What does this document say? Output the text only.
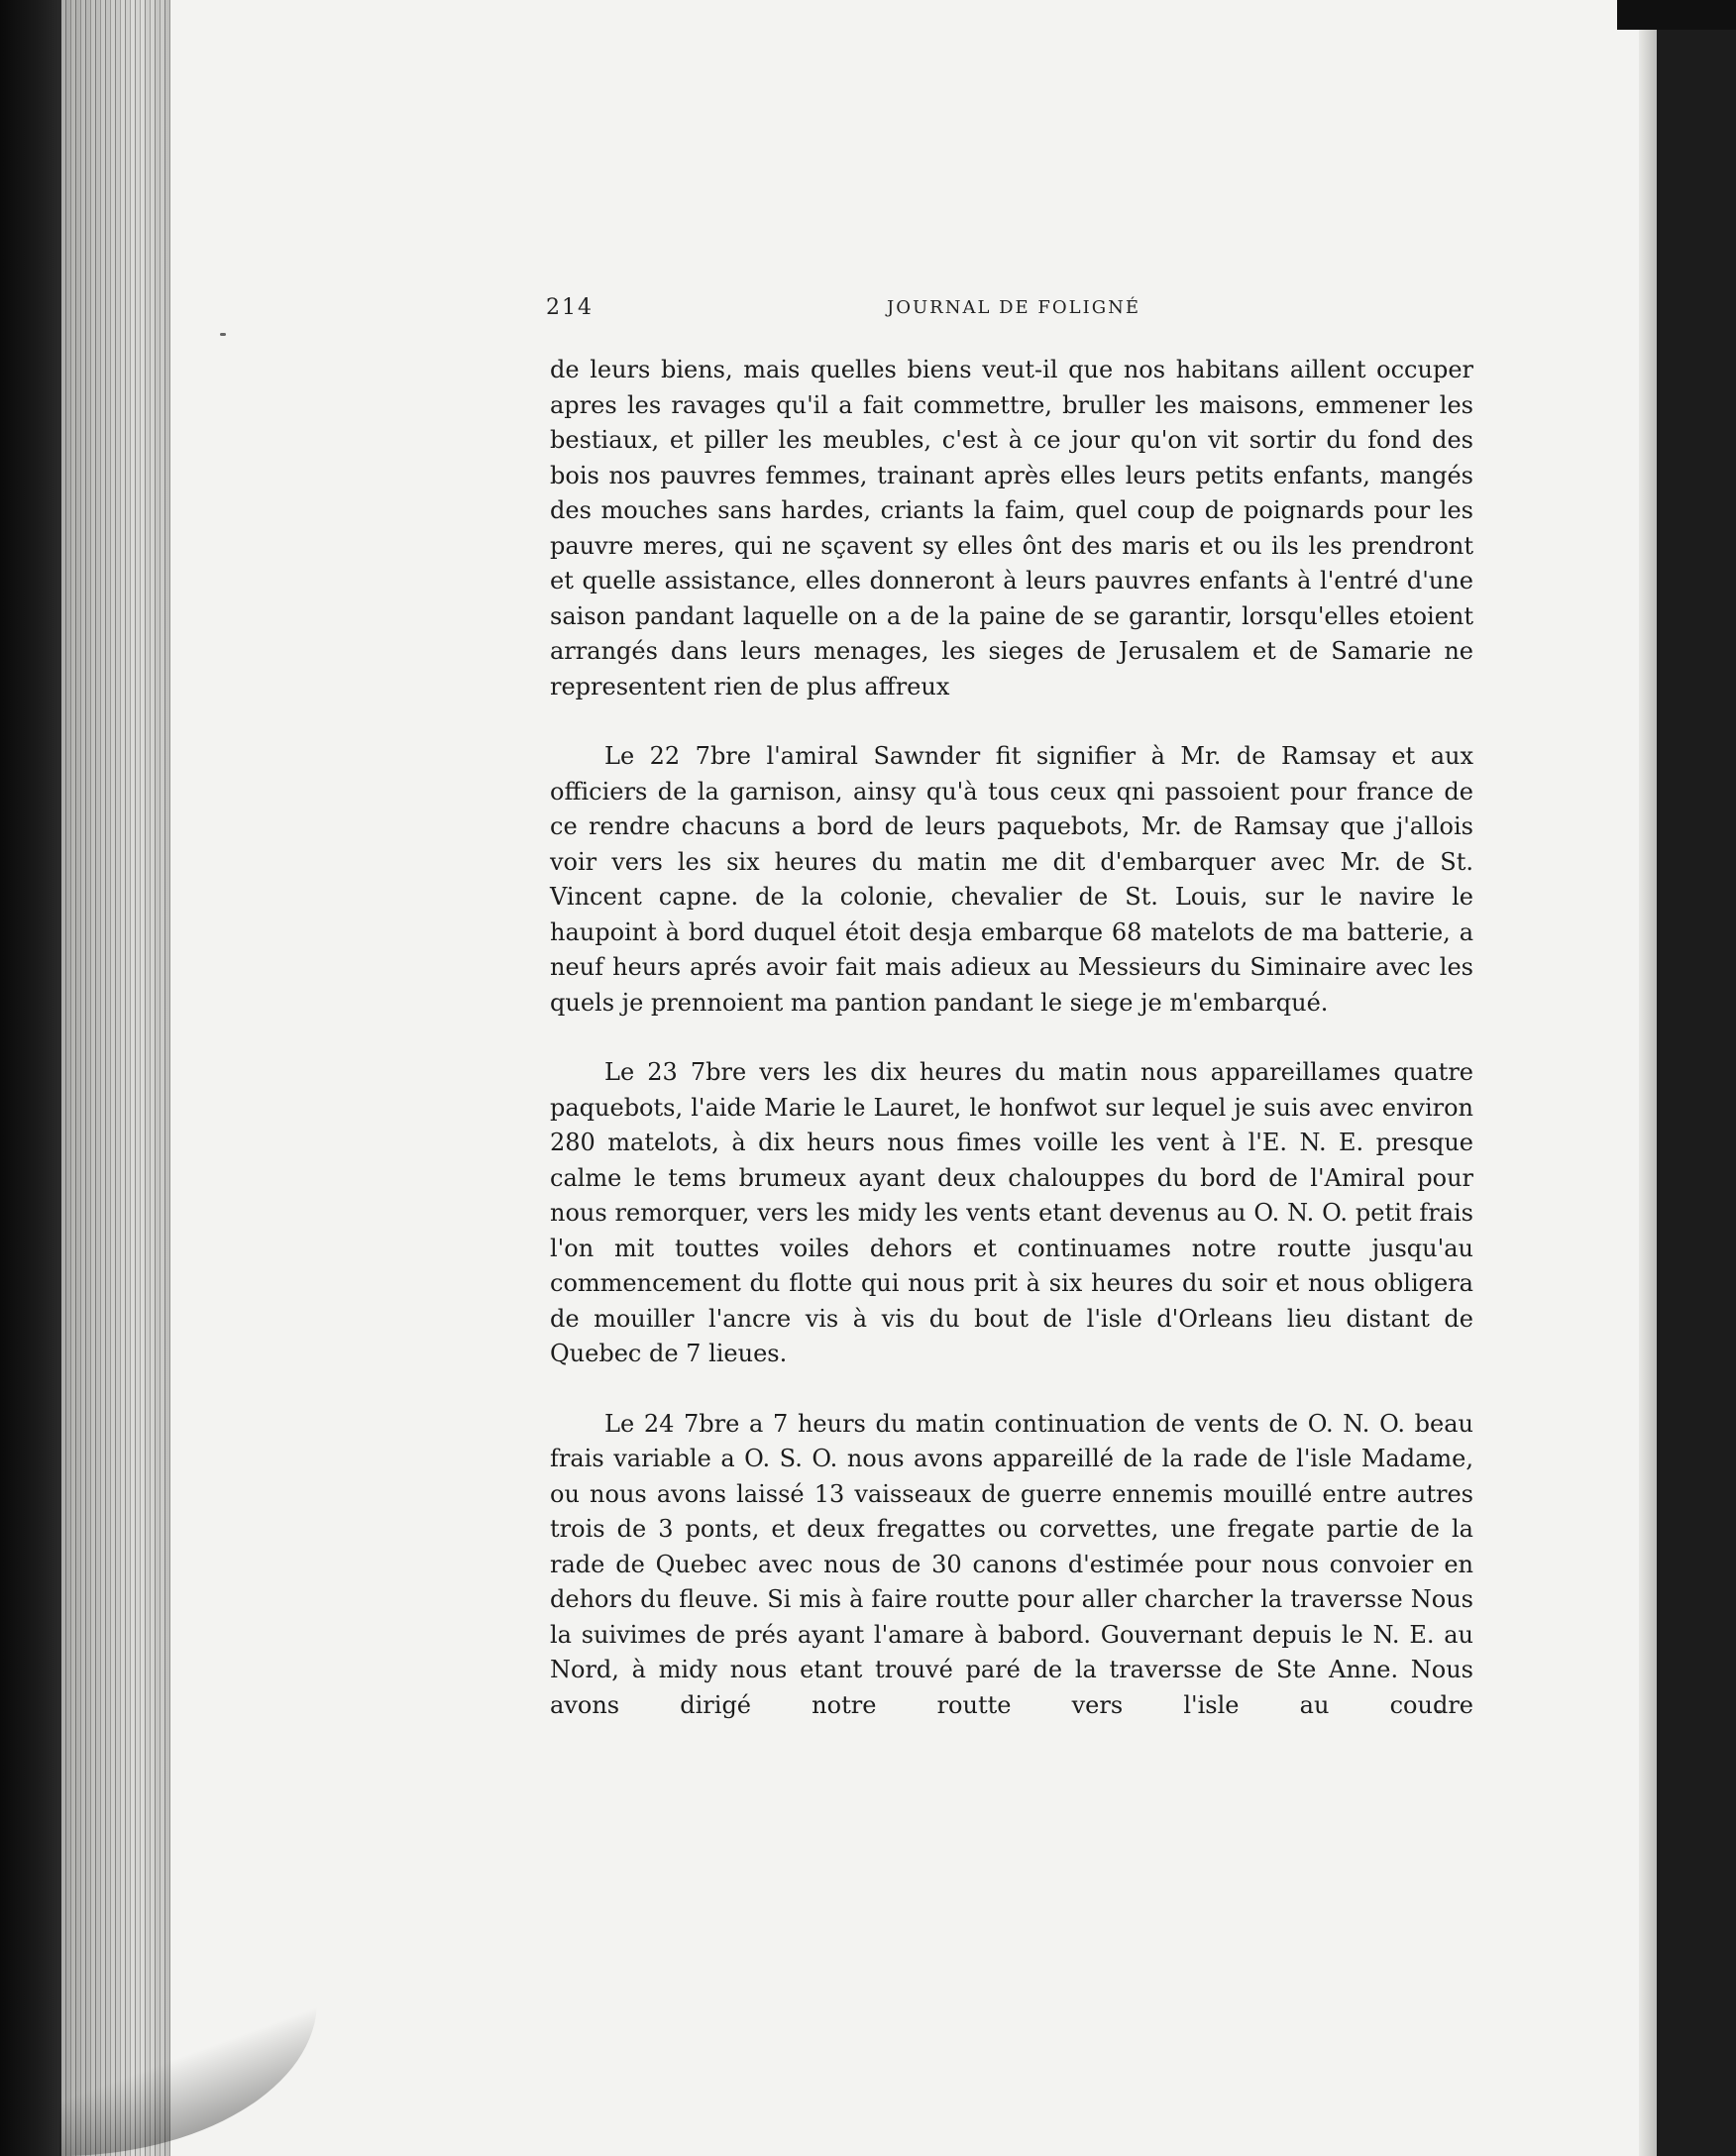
214	JOURNAL DE FOLIGNÉ

de leurs biens, mais quelles biens veut-il que nos habitans aillent occuper apres les ravages qu'il a fait commettre, bruller les maisons, emmener les bestiaux, et piller les meubles, c'est à ce jour qu'on vit sortir du fond des bois nos pauvres femmes, trainant après elles leurs petits enfants, mangés des mouches sans hardes, criants la faim, quel coup de poignards pour les pauvre meres, qui ne sçavent sy elles ônt des maris et ou ils les prendront et quelle assistance, elles donneront à leurs pauvres enfants à l'entré d'une saison pandant laquelle on a de la paine de se garantir, lorsqu'elles etoient arrangés dans leurs menages, les sieges de Jerusalem et de Samarie ne representent rien de plus affreux

Le 22 7bre l'amiral Sawnder fit signifier à Mr. de Ramsay et aux officiers de la garnison, ainsy qu'à tous ceux qni passoient pour france de ce rendre chacuns a bord de leurs paquebots, Mr. de Ramsay que j'allois voir vers les six heures du matin me dit d'embarquer avec Mr. de St. Vincent capne. de la colonie, chevalier de St. Louis, sur le navire le haupoint à bord duquel étoit desja embarque 68 matelots de ma batterie, a neuf heurs aprés avoir fait mais adieux au Messieurs du Siminaire avec les quels je prennoient ma pantion pandant le siege je m'embarqué.

Le 23 7bre vers les dix heures du matin nous appareillames quatre paquebots, l'aide Marie le Lauret, le honfwot sur lequel je suis avec environ 280 matelots, à dix heurs nous fimes voille les vent à l'E. N. E. presque calme le tems brumeux ayant deux chalouppes du bord de l'Amiral pour nous remorquer, vers les midy les vents etant devenus au O. N. O. petit frais l'on mit touttes voiles dehors et continuames notre routte jusqu'au commencement du flotte qui nous prit à six heures du soir et nous obligera de mouiller l'ancre vis à vis du bout de l'isle d'Orleans lieu distant de Quebec de 7 lieues.

Le 24 7bre a 7 heurs du matin continuation de vents de O. N. O. beau frais variable a O. S. O. nous avons appareillé de la rade de l'isle Madame, ou nous avons laissé 13 vaisseaux de guerre ennemis mouillé entre autres trois de 3 ponts, et deux fregattes ou corvettes, une fregate partie de la rade de Quebec avec nous de 30 canons d'estimée pour nous convoier en dehors du fleuve. Si mis à faire routte pour aller charcher la traversse Nous la suivimes de prés ayant l'amare à babord. Gouvernant depuis le N. E. au Nord, à midy nous etant trouvé paré de la traversse de Ste Anne. Nous avons dirigé notre routte vers l'isle au coudre
